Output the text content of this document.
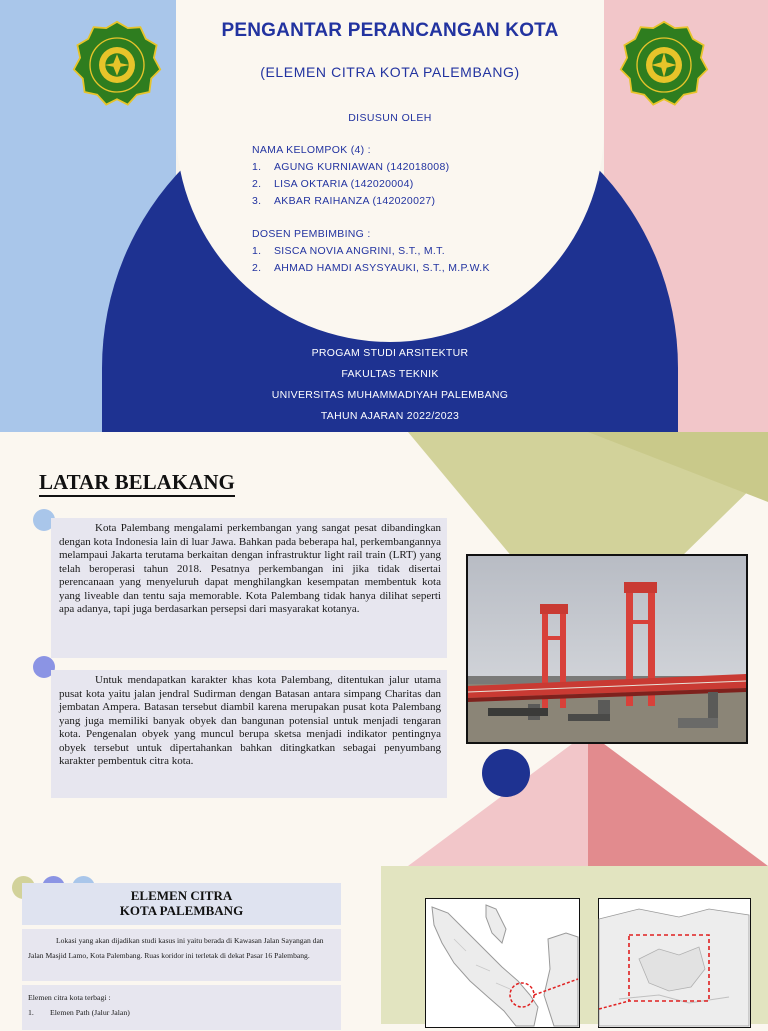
PENGANTAR PERANCANGAN KOTA
(ELEMEN CITRA KOTA PALEMBANG)
DISUSUN OLEH
NAMA KELOMPOK (4) :
1.	AGUNG KURNIAWAN (142018008)
2.	LISA OKTARIA (142020004)
3.	AKBAR RAIHANZA (142020027)
DOSEN PEMBIMBING :
1.	SISCA NOVIA ANGRINI, S.T., M.T.
2.	AHMAD HAMDI ASYSYAUKI, S.T., M.P.W.K
PROGAM STUDI ARSITEKTUR
FAKULTAS TEKNIK
UNIVERSITAS MUHAMMADIYAH PALEMBANG
TAHUN AJARAN 2022/2023
LATAR BELAKANG

Kota Palembang mengalami perkembangan yang sangat pesat dibandingkan dengan kota Indonesia lain di luar Jawa. Bahkan pada beberapa hal, perkembangannya melampaui Jakarta terutama berkaitan dengan infrastruktur light rail train (LRT) yang telah beroperasi tahun 2018. Pesatnya perkembangan ini jika tidak disertai perencanaan yang menyeluruh dapat menghilangkan kesempatan membentuk kota yang liveable dan tentu saja memorable. Kota Palembang tidak hanya dilihat seperti apa adanya, tapi juga berdasarkan persepsi dari masyarakat kotanya.

Untuk mendapatkan karakter khas kota Palembang, ditentukan jalur utama pusat kota yaitu jalan jendral Sudirman dengan Batasan antara simpang Charitas dan jembatan Ampera. Batasan tersebut diambil karena merupakan pusat kota Palembang yang juga memiliki banyak obyek dan bangunan potensial untuk menjadi tengaran kota. Pengenalan obyek yang muncul berupa sketsa menjadi indikator pentingnya obyek tersebut untuk dipertahankan bahkan ditingkatkan sebagai penyumbang karakter pembentuk citra kota.

ELEMEN CITRA
KOTA PALEMBANG
Lokasi yang akan dijadikan studi kasus ini yaitu berada di Kawasan Jalan Sayangan dan Jalan Masjid Lamo, Kota Palembang. Ruas koridor ini terletak di dekat Pasar 16 Palembang.
Elemen citra kota terbagi :
1.	Elemen Path (Jalur Jalan)
